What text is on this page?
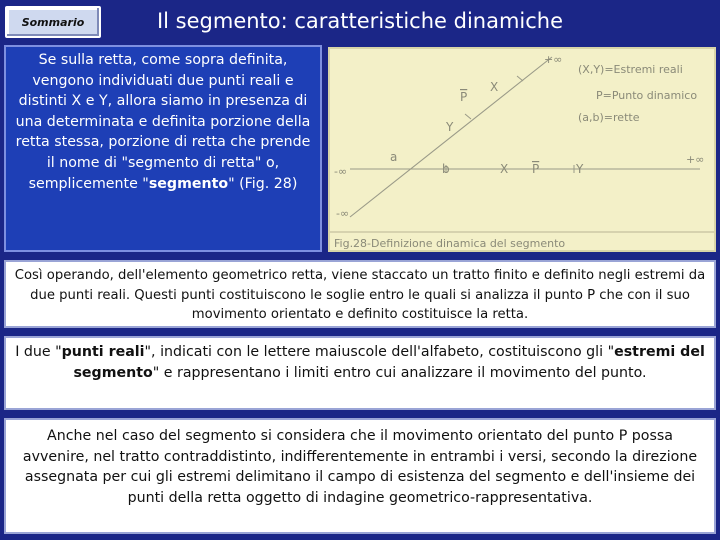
Sommario	Il segmento: caratteristiche dinamiche
Se sulla retta, come sopra definita, vengono individuati due punti reali e distinti X e Y, allora siamo in presenza di una determinata e definita porzione della retta stessa, porzione di retta che prende il nome di "segmento di retta" o, semplicemente "segmento" (Fig. 28)
+∞
-∞
+∞
-∞
X
P
Y
a
b	X P	Y
(X,Y)=Estremi reali
P=Punto dinamico
(a,b)=rette
Fig.28-Definizione dinamica del segmento
Così operando, dell'elemento geometrico retta, viene staccato un tratto finito e definito negli estremi da due punti reali. Questi punti costituiscono le soglie entro le quali si analizza il punto P che con il suo movimento orientato e definito costituisce la retta.
I due "punti reali", indicati con le lettere maiuscole dell'alfabeto, costituiscono gli "estremi del segmento" e rappresentano i limiti entro cui analizzare il movimento del punto.
Anche nel caso del segmento si considera che il movimento orientato del punto P possa avvenire, nel tratto contraddistinto, indifferentemente in entrambi i versi, secondo la direzione assegnata per cui gli estremi delimitano il campo di esistenza del segmento e dell'insieme dei punti della retta oggetto di indagine geometrico-rappresentativa.
